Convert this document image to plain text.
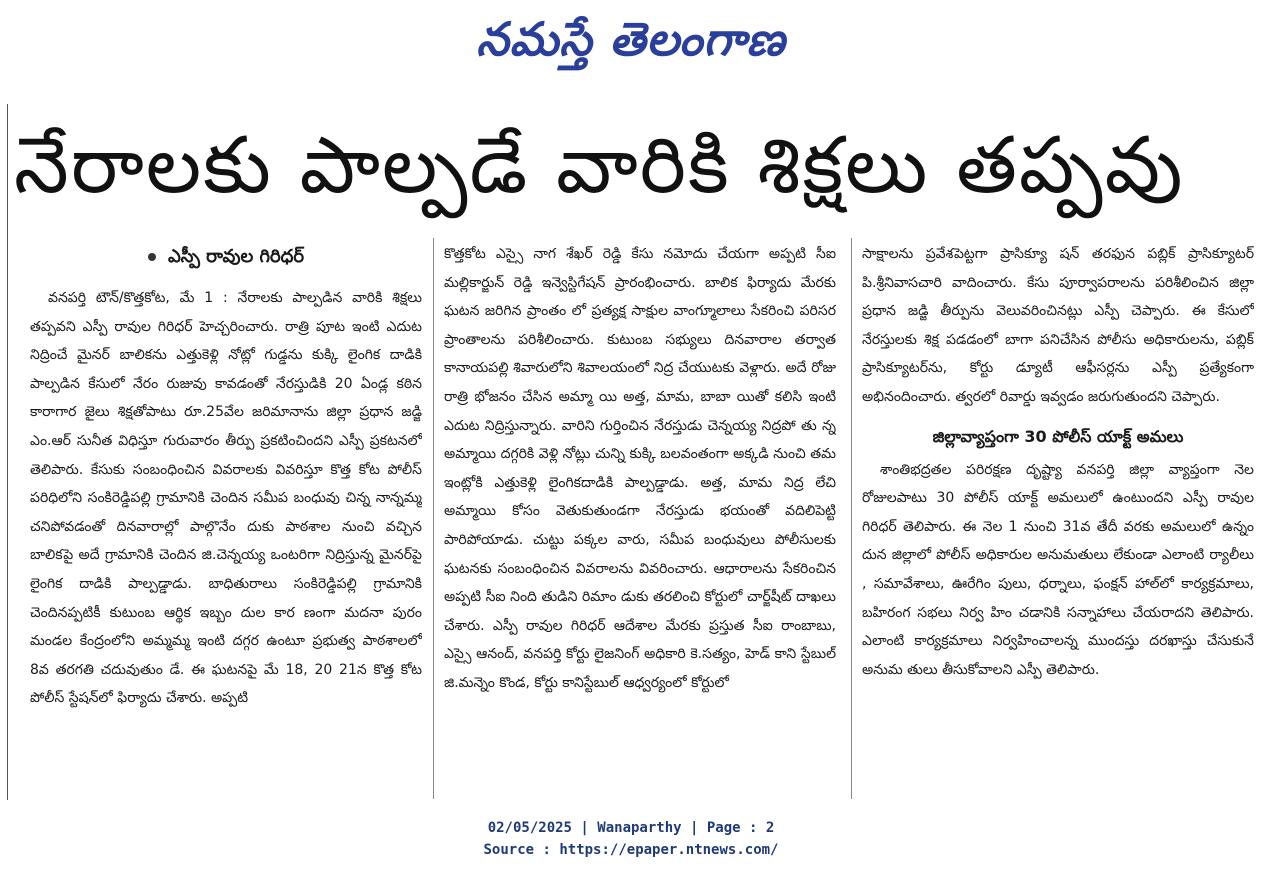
నమస్తే తెలంగాణ
నేరాలకు పాల్పడే వారికి శిక్షలు తప్పవు
ఎస్పీ రావుల గిరిధర్

వనపర్తి టౌన్/కొత్తకోట, మే 1 : నేరాలకు పాల్పడిన వారికి శిక్షలు తప్పవని ఎస్పీ రావుల గిరిధర్ హెచ్చరించారు. రాత్రి పూట ఇంటి ఎదుట నిద్రించే మైనర్ బాలికను ఎత్తుకెళ్లి నోట్లో గుడ్డను కుక్కి లైంగిక దాడికి పాల్పడిన కేసులో నేరం రుజువు కావడంతో నేరస్తుడికి 20 ఏండ్ల కఠిన కారాగార జైలు శిక్షతోపాటు రూ.25వేల జరిమానాను జిల్లా ప్రధాన జడ్జి ఎం.ఆర్ సునీత విధిస్తూ గురువారం తీర్పు ప్రకటించిందని ఎస్పీ ప్రకటనలో తెలిపారు. కేసుకు సంబంధించిన వివరాలకు వివరిస్తూ కొత్త కోట పోలీస్ పరిధిలోని సంకిరెడ్డిపల్లి గ్రామానికి చెందిన సమీప బంధువు చిన్న నాన్నమ్మ చనిపోవడంతో దినవారాల్లో పాల్గొనేం దుకు పాఠశాల నుంచి వచ్చిన బాలికపై అదే గ్రామానికి చెందిన జి.చెన్నయ్య ఒంటరిగా నిద్రిస్తున్న మైనర్‌పై లైంగిక దాడికి పాల్పడ్డాడు. బాధితురాలు సంకిరెడ్డిపల్లి గ్రామానికి చెందినప్పటికీ కుటుంబ ఆర్థిక ఇబ్బం దుల కార ణంగా మదనా పురం మండల కేంద్రంలోని అమ్మమ్మ ఇంటి దగ్గర ఉంటూ ప్రభుత్వ పాఠశాలలో 8వ తరగతి చదువుతుం డే. ఈ ఘటనపై మే 18, 20 21న కొత్త కోట పోలీస్ స్టేషన్‌లో ఫిర్యాదు చేశారు. అప్పటి

కొత్తకోట ఎస్సై నాగ శేఖర్ రెడ్డి కేసు నమోదు చేయగా అప్పటి సీఐ మల్లికార్జున్ రెడ్డి ఇన్వెస్టిగేషన్ ప్రారంభించారు. బాలిక ఫిర్యాదు మేరకు ఘటన జరిగిన ప్రాంతం లో ప్రత్యక్ష సాక్షుల వాంగ్మూలాలు సేకరించి పరిసర ప్రాంతాలను పరిశీలించారు. కుటుంబ సభ్యులు దినవారాల తర్వాత కానాయపల్లి శివారులోని శివాలయంలో నిద్ర చేయుటకు వెళ్లారు. అదే రోజు రాత్రి భోజనం చేసిన అమ్మా యి అత్త, మామ, బాబా యితో కలిసి ఇంటి ఎదుట నిద్రిస్తున్నారు. వారిని గుర్తించిన నేరస్తుడు చెన్నయ్య నిద్రపో తు న్న అమ్మాయి దగ్గరికి వెళ్లి నోట్లు చున్ని కుక్కి బలవంతంగా అక్కడి నుంచి తమ ఇంట్లోకి ఎత్తుకెళ్లి లైంగికదాడికి పాల్పడ్డాడు. అత్త, మామ నిద్ర లేచి అమ్మాయి కోసం వెతుకుతుండగా నేరస్తుడు భయంతో వదిలిపెట్టి పారిపోయాడు. చుట్టు పక్కల వారు, సమీప బంధువులు పోలీసులకు ఘటనకు సంబంధించిన వివరాలను వివరించారు. ఆధారాలను సేకరించిన అప్పటి సీఐ నింది తుడిని రిమాం డుకు తరలించి కోర్టులో చార్జ్‌షీట్ దాఖలు చేశారు. ఎస్పీ రావుల గిరిధర్ ఆదేశాల మేరకు ప్రస్తుత సీఐ రాంబాబు, ఎస్సై ఆనంద్, వనపర్తి కోర్టు లైజనింగ్ అధికారి కె.సత్యం, హెడ్ కాని స్టేబుల్ జి.మన్నెం కొండ, కోర్టు కానిస్టేబుల్ ఆధ్వర్యంలో కోర్టులో

సాక్షాలను ప్రవేశపెట్టగా ప్రాసిక్యూ షన్ తరఫున పబ్లిక్ ప్రాసిక్యూటర్ పి.శ్రీనివాసచారి వాదించారు. కేసు పూర్వాపరాలను పరిశీలించిన జిల్లా ప్రధాన జడ్జి తీర్పును వెలువరించినట్లు ఎస్పీ చెప్పారు. ఈ కేసులో నేరస్తులకు శిక్ష పడడంలో బాగా పనిచేసిన పోలీసు అధికారులను, పబ్లిక్ ప్రాసిక్యూటర్‌ను, కోర్టు డ్యూటీ ఆఫీసర్లను ఎస్పీ ప్రత్యేకంగా అభినందించారు. త్వరలో రివార్డు ఇవ్వడం జరుగుతుందని చెప్పారు.

జిల్లావ్యాప్తంగా 30 పోలీస్ యాక్ట్ అమలు

శాంతిభద్రతల పరిరక్షణ దృష్ట్యా వనపర్తి జిల్లా వ్యాప్తంగా నెల రోజులపాటు 30 పోలీస్ యాక్ట్ అమలులో ఉంటుందని ఎస్పీ రావుల గిరిధర్ తెలిపారు. ఈ నెల 1 నుంచి 31వ తేదీ వరకు అమలులో ఉన్నం దున జిల్లాలో పోలీస్ అధికారుల అనుమతులు లేకుండా ఎలాంటి ర్యాలీలు , సమావేశాలు, ఊరేగిం పులు, ధర్నాలు, ఫంక్షన్ హాల్‌లో కార్యక్రమాలు, బహిరంగ సభలు నిర్వ హిం చడానికి సన్నాహాలు చేయరాదని తెలిపారు. ఎలాంటి కార్యక్రమాలు నిర్వహించాలన్న ముందస్తు దరఖాస్తు చేసుకునే అనుమ తులు తీసుకోవాలని ఎస్పీ తెలిపారు.

02/05/2025 | Wanaparthy | Page : 2
Source : https://epaper.ntnews.com/
